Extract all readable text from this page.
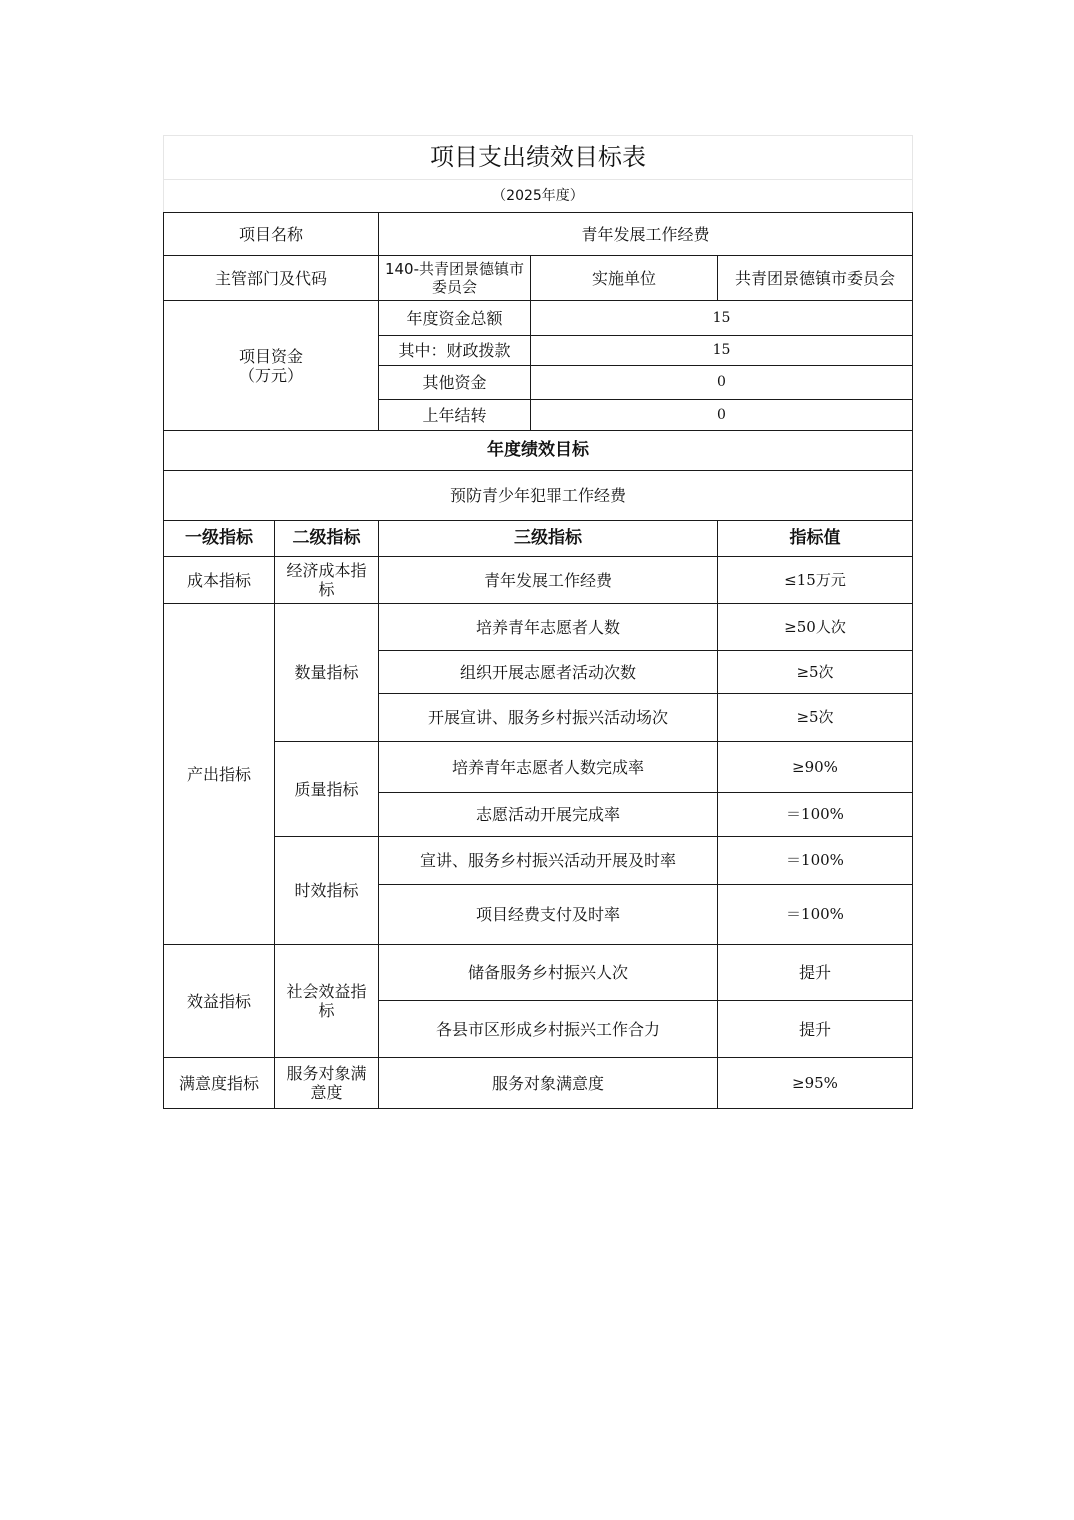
项目支出绩效目标表				
（2025年度）				
项目名称		青年发展工作经费		
主管部门及代码		140-共青团景德镇市委员会	实施单位	共青团景德镇市委员会
项目资金
（万元）		年度资金总额	15	
		其中：财政拨款	15	
		其他资金	0	
		上年结转	0	
年度绩效目标				
预防青少年犯罪工作经费				
一级指标	二级指标	三级指标		指标值
成本指标	经济成本指标	青年发展工作经费		≤15万元
产出指标	数量指标	培养青年志愿者人数		≥50人次
		组织开展志愿者活动次数		≥5次
		开展宣讲、服务乡村振兴活动场次		≥5次
	质量指标	培养青年志愿者人数完成率		≥90%
		志愿活动开展完成率		＝100%
	时效指标	宣讲、服务乡村振兴活动开展及时率		＝100%
		项目经费支付及时率		＝100%
效益指标	社会效益指标	储备服务乡村振兴人次		提升
		各县市区形成乡村振兴工作合力		提升
满意度指标	服务对象满意度	服务对象满意度		≥95%
